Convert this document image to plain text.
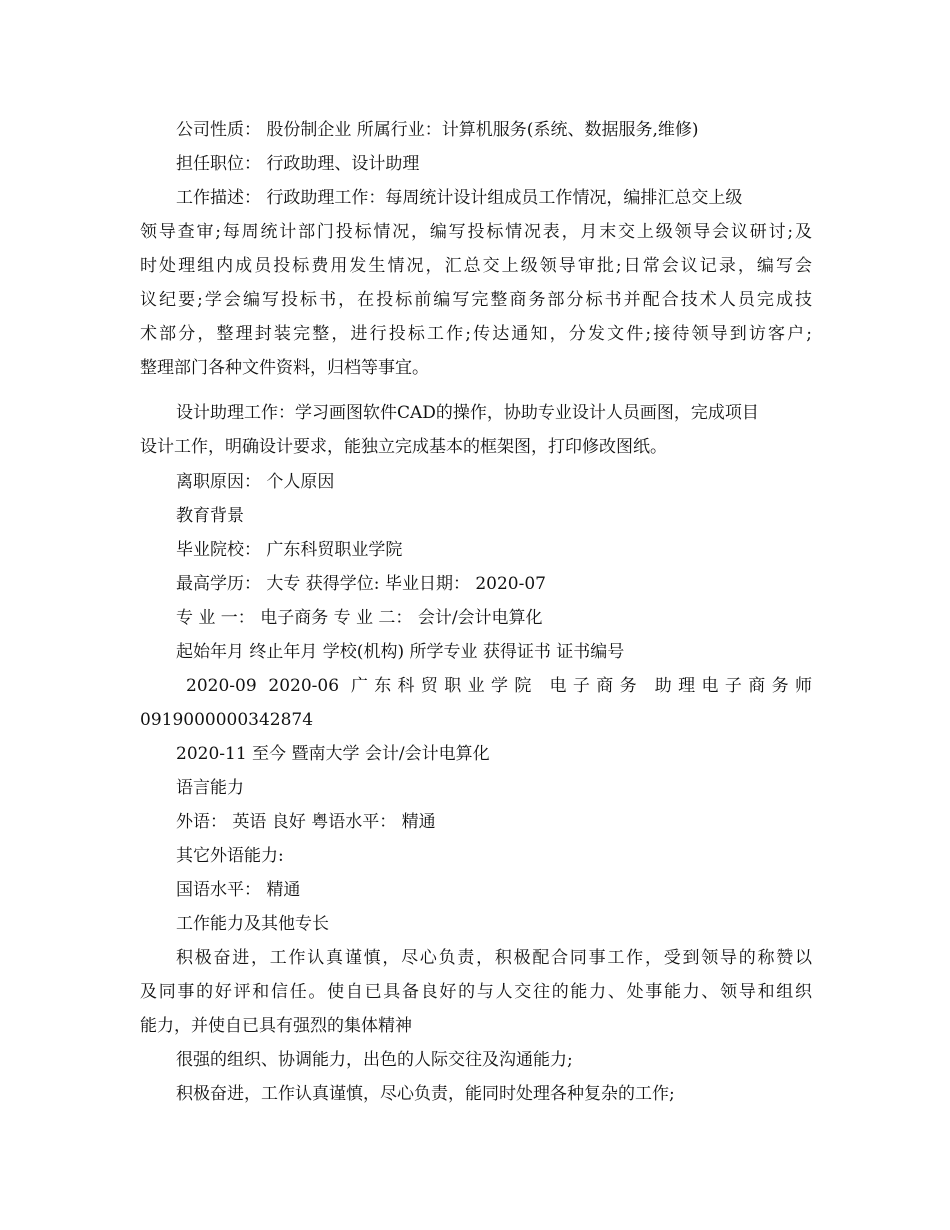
公司性质： 股份制企业 所属行业：计算机服务(系统、数据服务,维修)
担任职位： 行政助理、设计助理
工作描述： 行政助理工作：每周统计设计组成员工作情况，编排汇总交上级
领导查审;每周统计部门投标情况，编写投标情况表，月末交上级领导会议研讨;及
时处理组内成员投标费用发生情况，汇总交上级领导审批;日常会议记录，编写会
议纪要;学会编写投标书，在投标前编写完整商务部分标书并配合技术人员完成技
术部分，整理封装完整，进行投标工作;传达通知，分发文件;接待领导到访客户;
整理部门各种文件资料，归档等事宜。
设计助理工作：学习画图软件CAD的操作，协助专业设计人员画图，完成项目
设计工作，明确设计要求，能独立完成基本的框架图，打印修改图纸。
离职原因： 个人原因
教育背景
毕业院校： 广东科贸职业学院
最高学历： 大专 获得学位: 毕业日期： 2020-07
专 业 一： 电子商务 专 业 二： 会计/会计电算化
起始年月 终止年月 学校(机构) 所学专业 获得证书 证书编号
2020-09 2020-06 广东科贸职业学院 电子商务 助理电子商务师
0919000000342874
2020-11 至今 暨南大学 会计/会计电算化
语言能力
外语： 英语 良好 粤语水平： 精通
其它外语能力:
国语水平： 精通
工作能力及其他专长
积极奋进，工作认真谨慎，尽心负责，积极配合同事工作，受到领导的称赞以
及同事的好评和信任。使自已具备良好的与人交往的能力、处事能力、领导和组织
能力，并使自已具有强烈的集体精神
很强的组织、协调能力，出色的人际交往及沟通能力;
积极奋进，工作认真谨慎，尽心负责，能同时处理各种复杂的工作;
